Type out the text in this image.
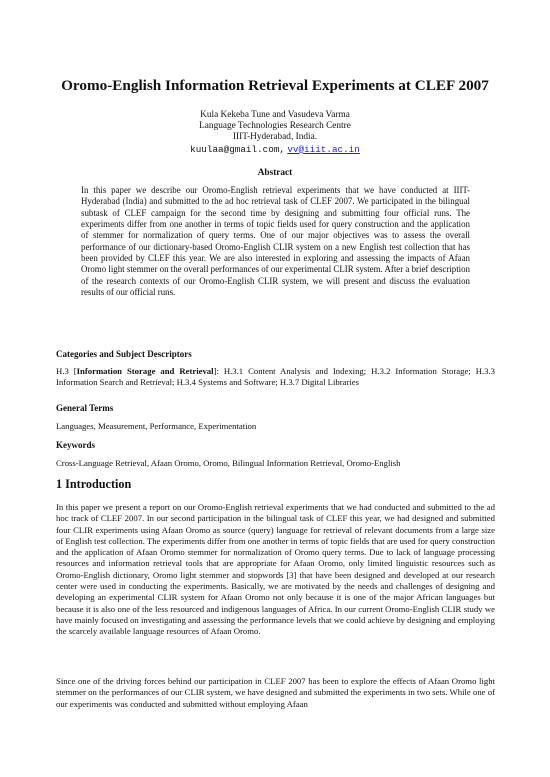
Oromo-English Information Retrieval Experiments at CLEF 2007
Kula Kekeba Tune and Vasudeva Varma
Language Technologies Research Centre
IIIT-Hyderabad, India.
kuulaa@gmail.com, vv@iiit.ac.in
Abstract

In this paper we describe our Oromo-English retrieval experiments that we have conducted at IIIT-Hyderabad (India) and submitted to the ad hoc retrieval task of CLEF 2007. We participated in the bilingual subtask of CLEF campaign for the second time by designing and submitting four official runs. The experiments differ from one another in terms of topic fields used for query construction and the application of stemmer for normalization of query terms. One of our major objectives was to assess the overall performance of our dictionary-based Oromo-English CLIR system on a new English test collection that has been provided by CLEF this year. We are also interested in exploring and assessing the impacts of Afaan Oromo light stemmer on the overall performances of our experimental CLIR system. After a brief description of the research contexts of our Oromo-English CLIR system, we will present and discuss the evaluation results of our official runs.

Categories and Subject Descriptors

H.3 [Information Storage and Retrieval]: H.3.1 Content Analysis and Indexing; H.3.2 Information Storage; H.3.3 Information Search and Retrieval; H.3.4 Systems and Software; H.3.7 Digital Libraries

General Terms

Languages, Measurement, Performance, Experimentation

Keywords

Cross-Language Retrieval, Afaan Oromo, Oromo, Bilingual Information Retrieval, Oromo-English

1 Introduction

In this paper we present a report on our Oromo-English retrieval experiments that we had conducted and submitted to the ad hoc track of CLEF 2007. In our second participation in the bilingual task of CLEF this year, we had designed and submitted four CLIR experiments using Afaan Oromo as source (query) language for retrieval of relevant documents from a large size of English test collection. The experiments differ from one another in terms of topic fields that are used for query construction and the application of Afaan Oromo stemmer for normalization of Oromo query terms. Due to lack of language processing resources and information retrieval tools that are appropriate for Afaan Oromo, only limited linguistic resources such as Oromo-English dictionary, Oromo light stemmer and stopwords [3] that have been designed and developed at our research center were used in conducting the experiments. Basically, we are motivated by the needs and challenges of designing and developing an experimental CLIR system for Afaan Oromo not only because it is one of the major African languages but because it is also one of the less resourced and indigenous languages of Africa. In our current Oromo-English CLIR study we have mainly focused on investigating and assessing the performance levels that we could achieve by designing and employing the scarcely available language resources of Afaan Oromo.

Since one of the driving forces behind our participation in CLEF 2007 has been to explore the effects of Afaan Oromo light stemmer on the performances of our CLIR system, we have designed and submitted the experiments in two sets. While one of our experiments was conducted and submitted without employing Afaan
